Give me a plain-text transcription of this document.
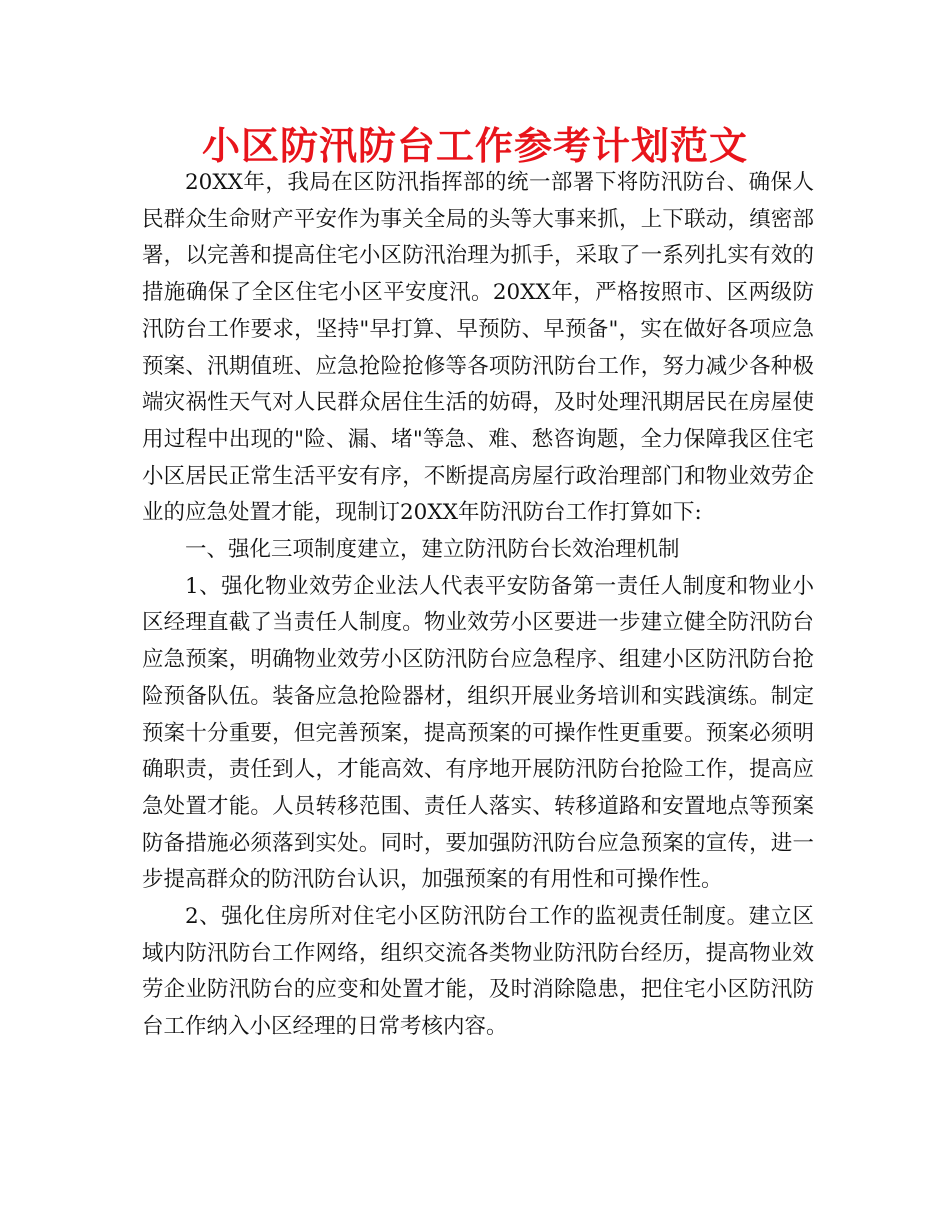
小区防汛防台工作参考计划范文

20XX年，我局在区防汛指挥部的统一部署下将防汛防台、确保人民群众生命财产平安作为事关全局的头等大事来抓，上下联动，缜密部署，以完善和提高住宅小区防汛治理为抓手，采取了一系列扎实有效的措施确保了全区住宅小区平安度汛。20XX年，严格按照市、区两级防汛防台工作要求，坚持"早打算、早预防、早预备"，实在做好各项应急预案、汛期值班、应急抢险抢修等各项防汛防台工作，努力减少各种极端灾祸性天气对人民群众居住生活的妨碍，及时处理汛期居民在房屋使用过程中出现的"险、漏、堵"等急、难、愁咨询题，全力保障我区住宅小区居民正常生活平安有序，不断提高房屋行政治理部门和物业效劳企业的应急处置才能，现制订20XX年防汛防台工作打算如下:

一、强化三项制度建立，建立防汛防台长效治理机制

1、强化物业效劳企业法人代表平安防备第一责任人制度和物业小区经理直截了当责任人制度。物业效劳小区要进一步建立健全防汛防台应急预案，明确物业效劳小区防汛防台应急程序、组建小区防汛防台抢险预备队伍。装备应急抢险器材，组织开展业务培训和实践演练。制定预案十分重要，但完善预案，提高预案的可操作性更重要。预案必须明确职责，责任到人，才能高效、有序地开展防汛防台抢险工作，提高应急处置才能。人员转移范围、责任人落实、转移道路和安置地点等预案防备措施必须落到实处。同时，要加强防汛防台应急预案的宣传，进一步提高群众的防汛防台认识，加强预案的有用性和可操作性。

2、强化住房所对住宅小区防汛防台工作的监视责任制度。建立区域内防汛防台工作网络，组织交流各类物业防汛防台经历，提高物业效劳企业防汛防台的应变和处置才能，及时消除隐患，把住宅小区防汛防台工作纳入小区经理的日常考核内容。
